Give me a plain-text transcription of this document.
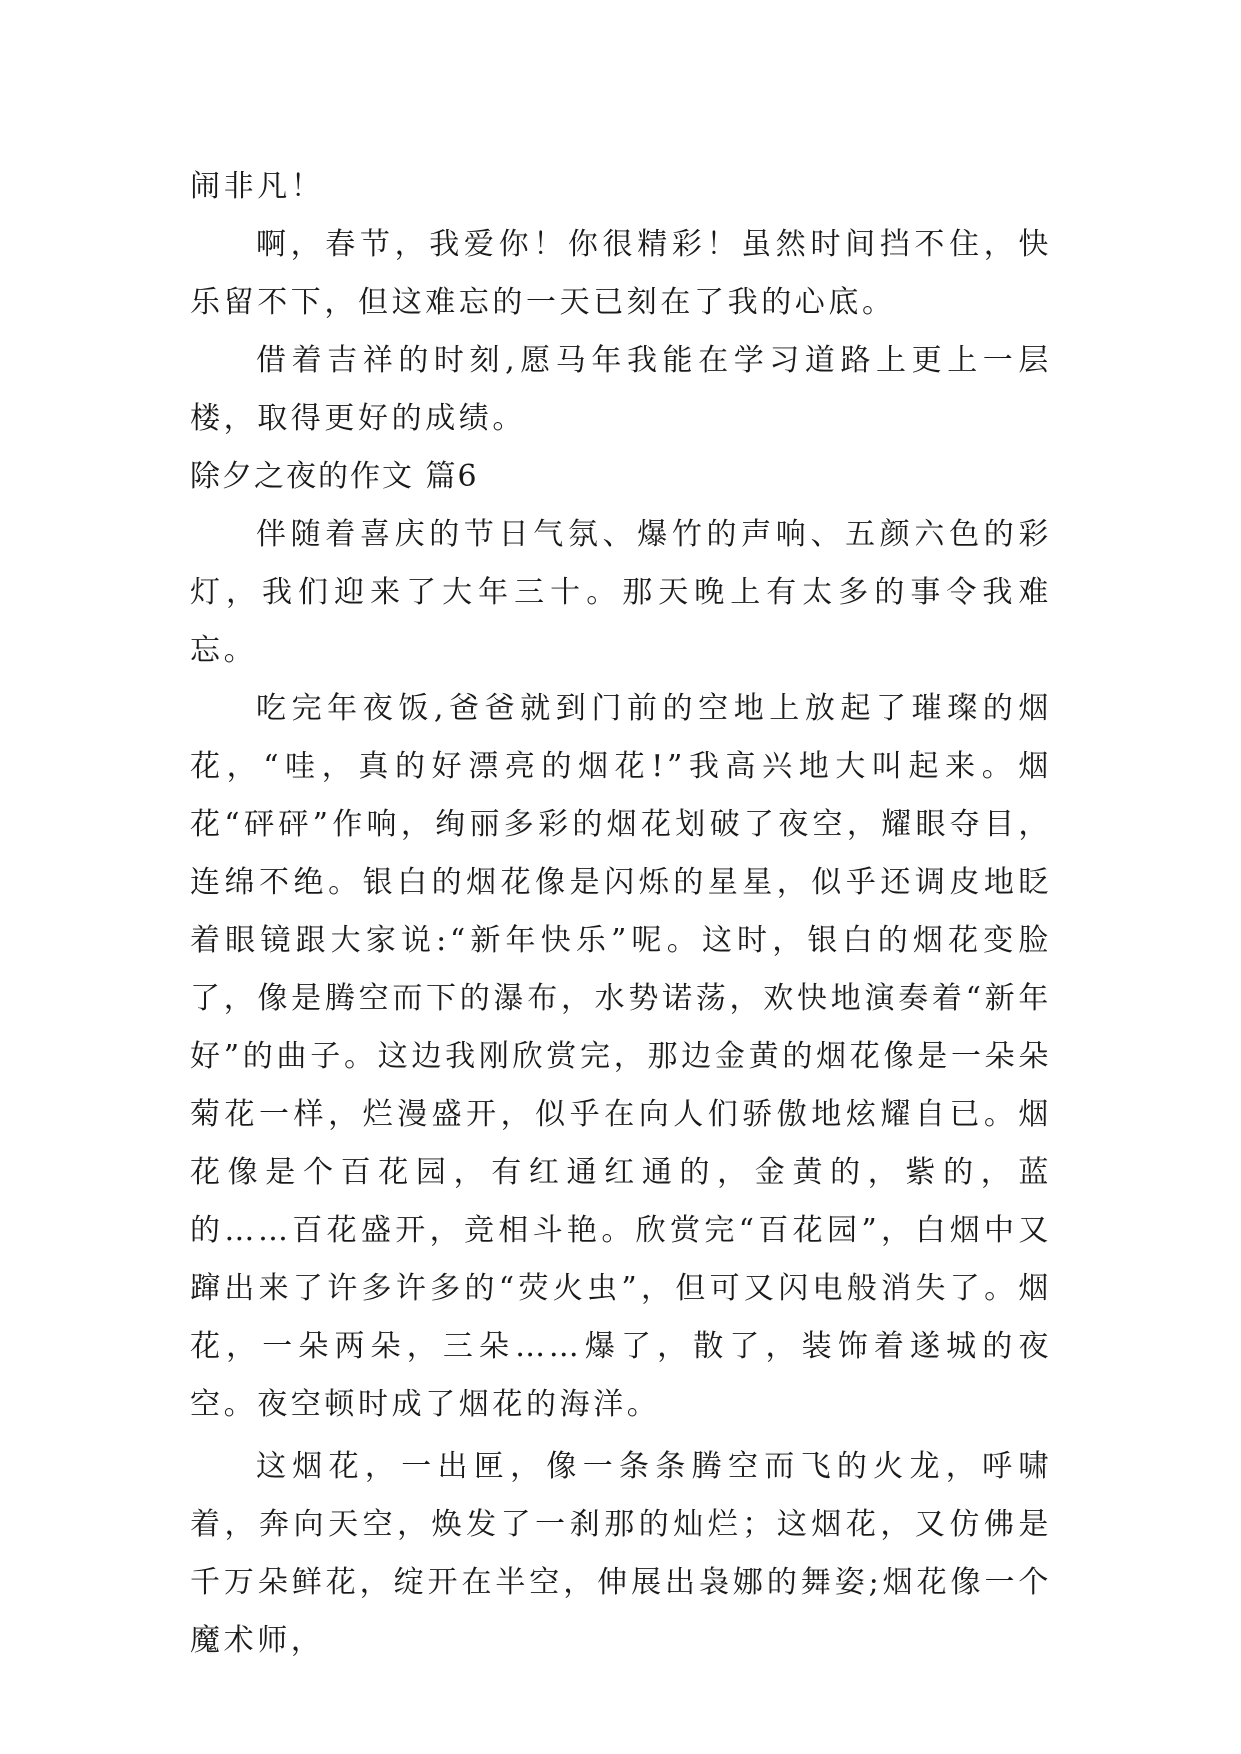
闹非凡！

啊，春节，我爱你！你很精彩！虽然时间挡不住，快乐留不下，但这难忘的一天已刻在了我的心底。

借着吉祥的时刻,愿马年我能在学习道路上更上一层楼，取得更好的成绩。

除夕之夜的作文 篇6

伴随着喜庆的节日气氛、爆竹的声响、五颜六色的彩灯，我们迎来了大年三十。那天晚上有太多的事令我难忘。

吃完年夜饭,爸爸就到门前的空地上放起了璀璨的烟花，“哇，真的好漂亮的烟花!”我高兴地大叫起来。烟花“砰砰”作响，绚丽多彩的烟花划破了夜空，耀眼夺目，连绵不绝。银白的烟花像是闪烁的星星，似乎还调皮地眨着眼镜跟大家说:“新年快乐”呢。这时，银白的烟花变脸了，像是腾空而下的瀑布，水势诺荡，欢快地演奏着“新年好”的曲子。这边我刚欣赏完，那边金黄的烟花像是一朵朵菊花一样，烂漫盛开，似乎在向人们骄傲地炫耀自已。烟花像是个百花园，有红通红通的，金黄的，紫的，蓝的……百花盛开，竞相斗艳。欣赏完“百花园”，白烟中又蹿出来了许多许多的“荧火虫”，但可又闪电般消失了。烟花，一朵两朵，三朵……爆了，散了，装饰着遂城的夜空。夜空顿时成了烟花的海洋。

这烟花，一出匣，像一条条腾空而飞的火龙，呼啸着，奔向天空，焕发了一刹那的灿烂；这烟花，又仿佛是千万朵鲜花，绽开在半空，伸展出袅娜的舞姿;烟花像一个魔术师，
